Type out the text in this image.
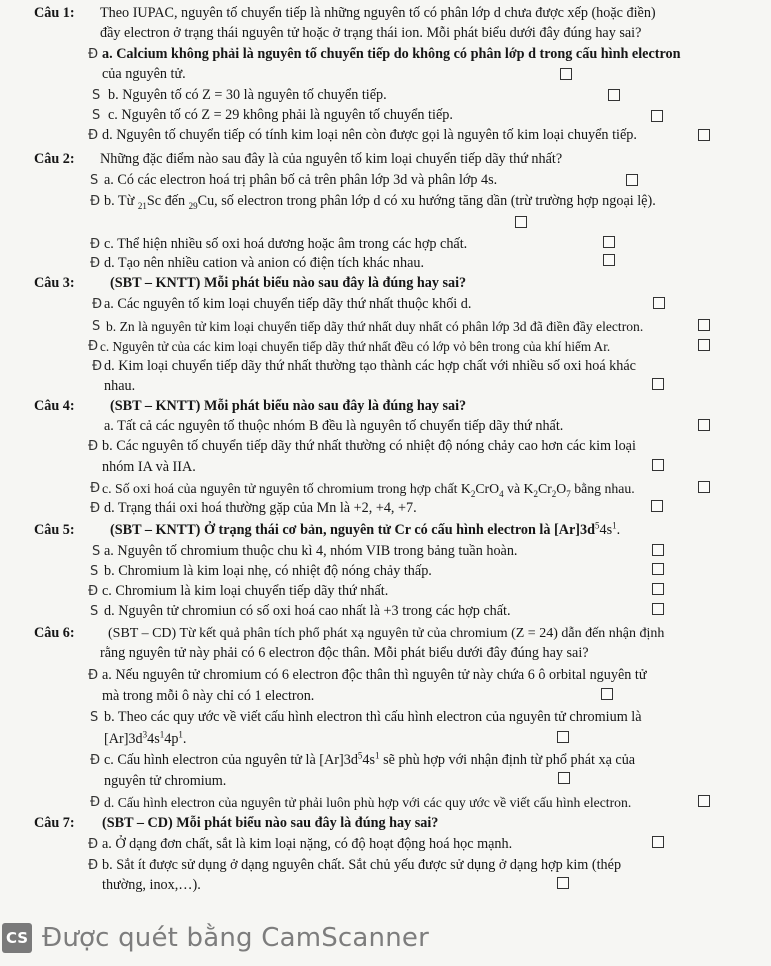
Câu 1: Theo IUPAC, nguyên tố chuyển tiếp là những nguyên tố có phân lớp d chưa được xếp (hoặc điền)
đầy electron ở trạng thái nguyên tử hoặc ở trạng thái ion. Mỗi phát biểu dưới đây đúng hay sai?
Đ a. Calcium không phải là nguyên tố chuyển tiếp do không có phân lớp d trong cấu hình electron
của nguyên tử.
S b. Nguyên tố có Z = 30 là nguyên tố chuyển tiếp.
S c. Nguyên tố có Z = 29 không phải là nguyên tố chuyển tiếp.
Đ d. Nguyên tố chuyển tiếp có tính kim loại nên còn được gọi là nguyên tố kim loại chuyển tiếp.
Câu 2: Những đặc điểm nào sau đây là của nguyên tố kim loại chuyển tiếp dãy thứ nhất?
S a. Có các electron hoá trị phân bố cả trên phân lớp 3d và phân lớp 4s.
Đ b. Từ $_{21}$Sc đến $_{29}$Cu, số electron trong phân lớp d có xu hướng tăng dần (trừ trường hợp ngoại lệ).
Đ c. Thể hiện nhiều số oxi hoá dương hoặc âm trong các hợp chất.
Đ d. Tạo nên nhiều cation và anion có điện tích khác nhau.
Câu 3: (SBT – KNTT) Mỗi phát biểu nào sau đây là đúng hay sai?
Đ a. Các nguyên tố kim loại chuyển tiếp dãy thứ nhất thuộc khối d.
S b. Zn là nguyên tử kim loại chuyển tiếp dãy thứ nhất duy nhất có phân lớp 3d đã điền đầy electron.
Đ c. Nguyên tử của các kim loại chuyển tiếp dãy thứ nhất đều có lớp vỏ bên trong của khí hiếm Ar.
Đ d. Kim loại chuyển tiếp dãy thứ nhất thường tạo thành các hợp chất với nhiều số oxi hoá khác
nhau.
Câu 4: (SBT – KNTT) Mỗi phát biểu nào sau đây là đúng hay sai?
a. Tất cả các nguyên tố thuộc nhóm B đều là nguyên tố chuyển tiếp dãy thứ nhất.
Đ b. Các nguyên tố chuyển tiếp dãy thứ nhất thường có nhiệt độ nóng chảy cao hơn các kim loại
nhóm IA và IIA.
Đ c. Số oxi hoá của nguyên tử nguyên tố chromium trong hợp chất $K_2CrO_4$ và $K_2Cr_2O_7$ bằng nhau.
Đ d. Trạng thái oxi hoá thường gặp của Mn là +2, +4, +7.
Câu 5: (SBT – KNTT) Ở trạng thái cơ bản, nguyên tử Cr có cấu hình electron là $[Ar]3d^54s^1$.
S a. Nguyên tố chromium thuộc chu kì 4, nhóm VIB trong bảng tuần hoàn.
S b. Chromium là kim loại nhẹ, có nhiệt độ nóng chảy thấp.
Đ c. Chromium là kim loại chuyển tiếp dãy thứ nhất.
S d. Nguyên tử chromiun có số oxi hoá cao nhất là +3 trong các hợp chất.
Câu 6: (SBT – CD) Từ kết quả phân tích phổ phát xạ nguyên tử của chromium (Z = 24) dẫn đến nhận định
rằng nguyên tử này phải có 6 electron độc thân. Mỗi phát biểu dưới đây đúng hay sai?
Đ a. Nếu nguyên tử chromium có 6 electron độc thân thì nguyên tử này chứa 6 ô orbital nguyên tử
mà trong mỗi ô này chỉ có 1 electron.
S b. Theo các quy ước về viết cấu hình electron thì cấu hình electron của nguyên tử chromium là
$[Ar]3d^34s^14p^1$.
Đ c. Cấu hình electron của nguyên tử là $[Ar]3d^54s^1$ sẽ phù hợp với nhận định từ phổ phát xạ của
nguyên tử chromium.
Đ d. Cấu hình electron của nguyên tử phải luôn phù hợp với các quy ước về viết cấu hình electron.
Câu 7: (SBT – CD) Mỗi phát biểu nào sau đây là đúng hay sai?
Đ a. Ở dạng đơn chất, sắt là kim loại nặng, có độ hoạt động hoá học mạnh.
Đ b. Sắt ít được sử dụng ở dạng nguyên chất. Sắt chủ yếu được sử dụng ở dạng hợp kim (thép
thường, inox,…).
CS Được quét bằng CamScanner
